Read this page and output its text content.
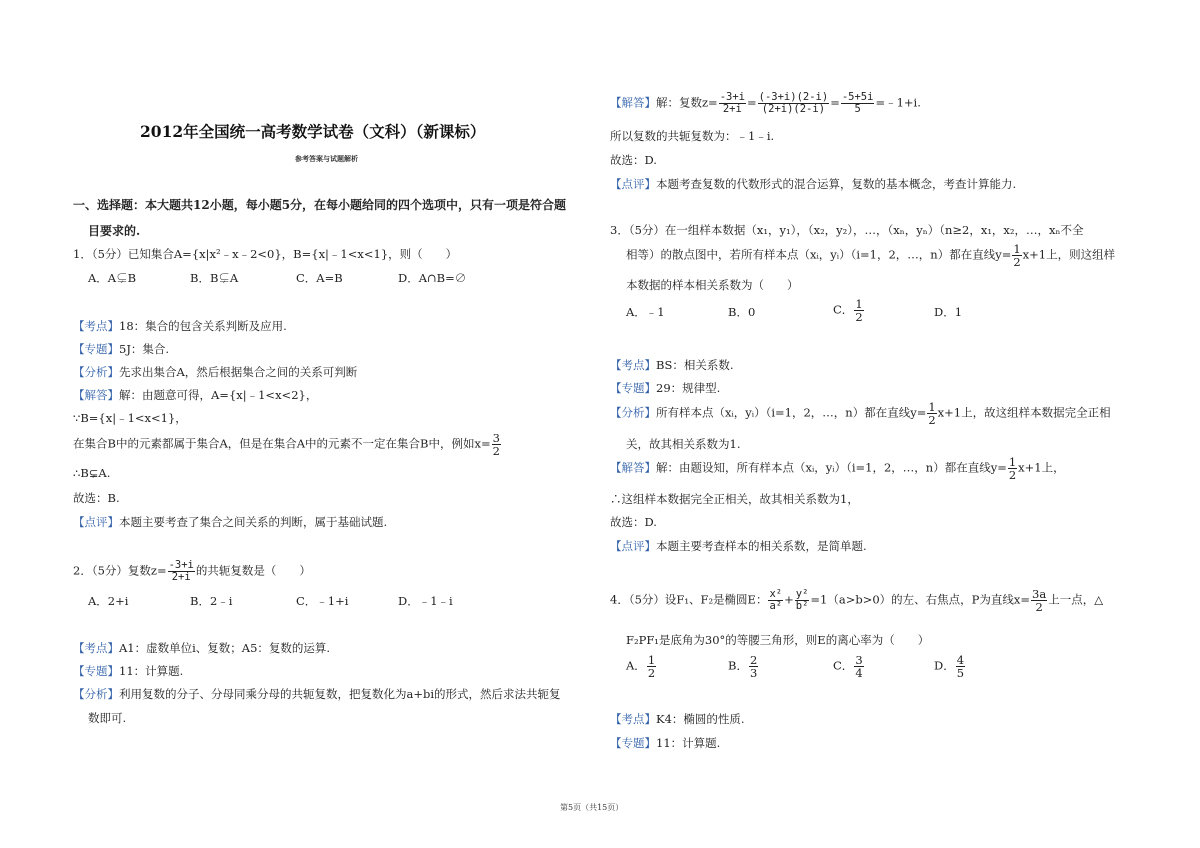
2012年全国统一高考数学试卷（文科）（新课标）
参考答案与试题解析
一、选择题：本大题共12小题，每小题5分，在每小题给同的四个选项中，只有一项是符合题
目要求的.
1．（5分）已知集合A={x|x²﹣x﹣2<0}，B={x|﹣1<x<1}，则（　　）
A．A⊊B	B．B⊊A	C．A=B	D．A∩B=∅
【考点】18：集合的包含关系判断及应用.
【专题】5J：集合.
【分析】先求出集合A，然后根据集合之间的关系可判断
【解答】解：由题意可得，A={x|﹣1<x<2}，
∵B={x|﹣1<x<1}，
在集合B中的元素都属于集合A，但是在集合A中的元素不一定在集合B中，例如$x= \frac{3}{2}$
∴B⊊A.
故选：B.
【点评】本题主要考查了集合之间关系的判断，属于基础试题.
2．（5分）复数$z= \frac{-3+i}{2+i}$ 的共轭复数是（　　）
A．2+i	B．2﹣i	C．﹣1+i	D．﹣1﹣i
【考点】A1：虚数单位i、复数；A5：复数的运算.
【专题】11：计算题.
【分析】利用复数的分子、分母同乘分母的共轭复数，把复数化为a+bi的形式，然后求法共轭复
数即可.
【解答】解：复数$z= \frac{-3+i}{2+i} = \frac{(-3+i)(2-i)}{(2+i)(2-i)} = \frac{-5+5i}{5}$ =﹣1+i.
所以复数的共轭复数为：﹣1﹣i.
故选：D.
【点评】本题考查复数的代数形式的混合运算，复数的基本概念，考查计算能力.
3．（5分）在一组样本数据（x₁，y₁），（x₂，y₂），…，（xₙ，yₙ）（n≥2，x₁，x₂，…，xₙ不全
相等）的散点图中，若所有样本点（xᵢ，yᵢ）（i=1，2，…，n）都在直线$y= \frac{1}{2} x+1$上，则这组样
本数据的样本相关系数为（　　）
A．﹣1	B．0	C． $\frac{1}{2}$	D．1
【考点】BS：相关系数.
【专题】29：规律型.
【分析】所有样本点（xᵢ，yᵢ）（i=1，2，…，n）都在直线$y= \frac{1}{2} x+1$上，故这组样本数据完全正相
关，故其相关系数为1.
【解答】解：由题设知，所有样本点（xᵢ，yᵢ）（i=1，2，…，n）都在直线$y= \frac{1}{2} x+1$上，
∴这组样本数据完全正相关，故其相关系数为1，
故选：D.
【点评】本题主要考查样本的相关系数，是简单题.
4．（5分）设F₁、F₂是椭圆E： $\frac{\text{x²}}{\text{a²}} + \frac{\text{y²}}{\text{b²}} =1(a>b>0)$的左、右焦点，P为直线$x= \frac{3a}{2}$ 上一点，△
F₂PF₁是底角为30°的等腰三角形，则E的离心率为（　　）
A． $\frac{1}{2}$	B． $\frac{2}{3}$	C． $\frac{3}{4}$	D． $\frac{4}{5}$
【考点】K4：椭圆的性质.
【专题】11：计算题.
第5页（共15页）
